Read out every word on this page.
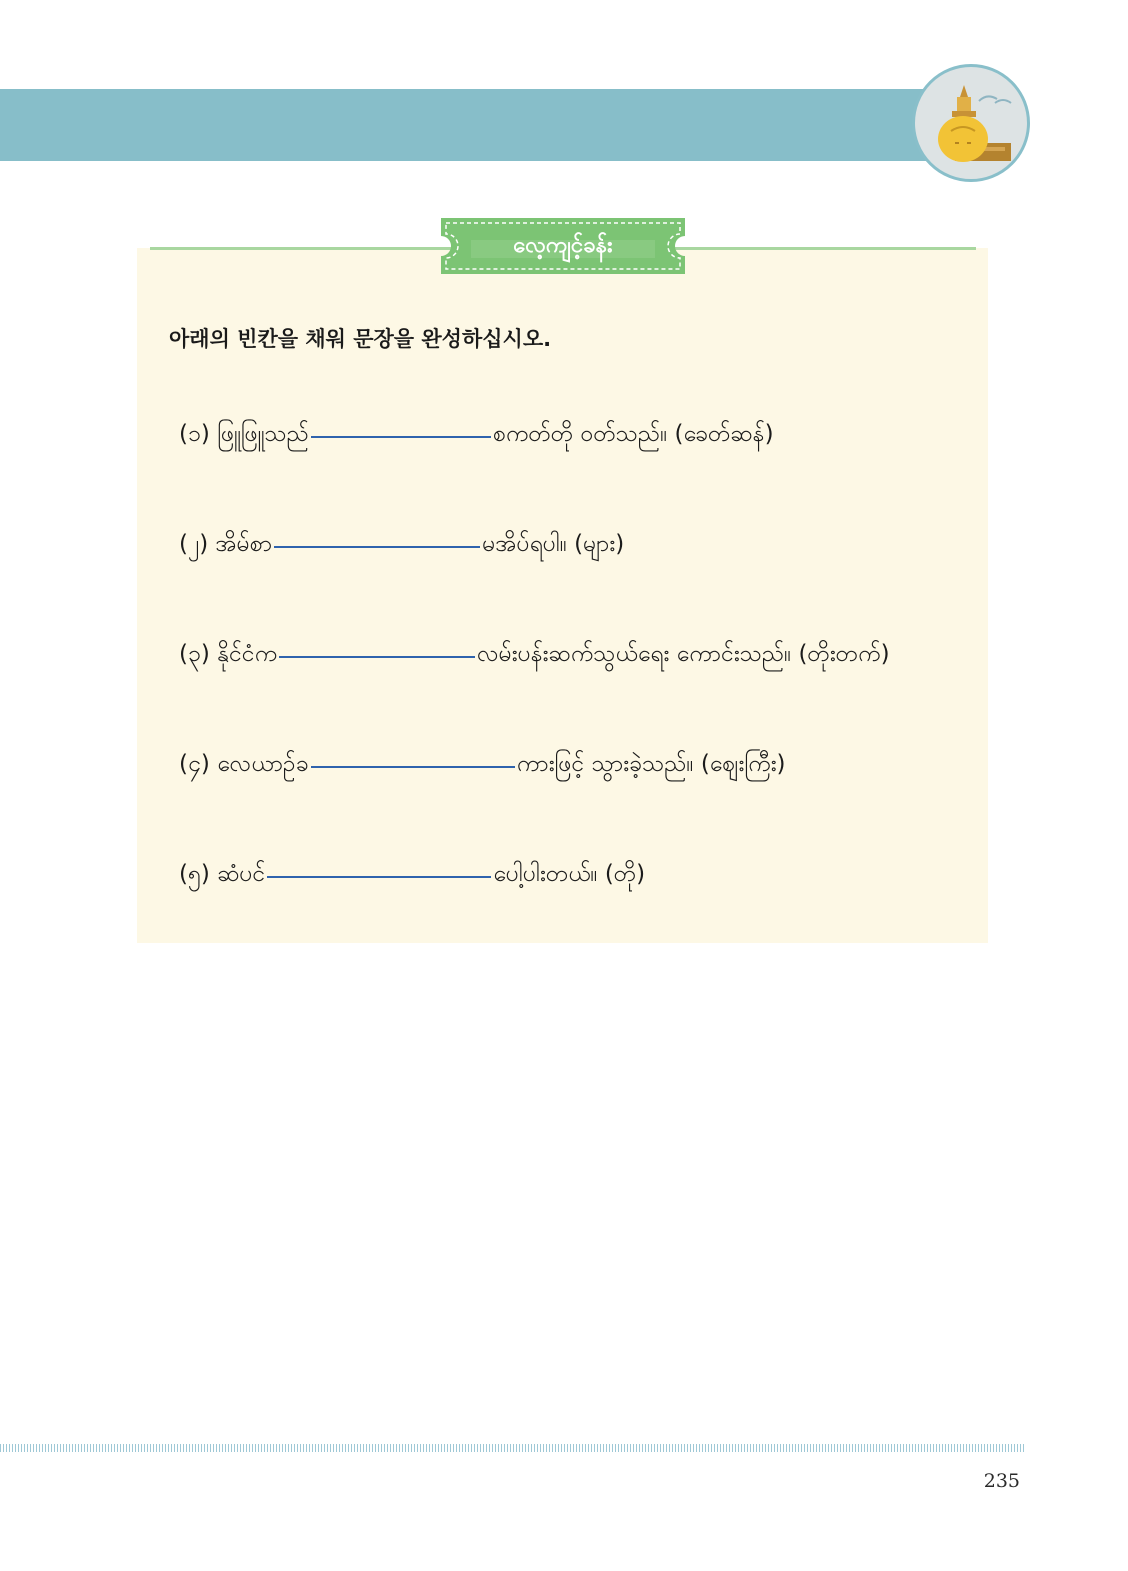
လေ့ကျင့်ခန်း
아래의 빈칸을 채워 문장을 완성하십시오.
(၁) ဖြူဖြူသည်	စကတ်တို ဝတ်သည်။ (ခေတ်ဆန်)
(၂) အိမ်စာ	မအိပ်ရပါ။ (များ)
(၃) နိုင်ငံက	လမ်းပန်းဆက်သွယ်ရေး ကောင်းသည်။ (တိုးတက်)
(၄) လေယာဉ်ခ	ကားဖြင့် သွားခဲ့သည်။ (ဈေးကြီး)
(၅) ဆံပင်	ပေါ့ပါးတယ်။ (တို)
235
